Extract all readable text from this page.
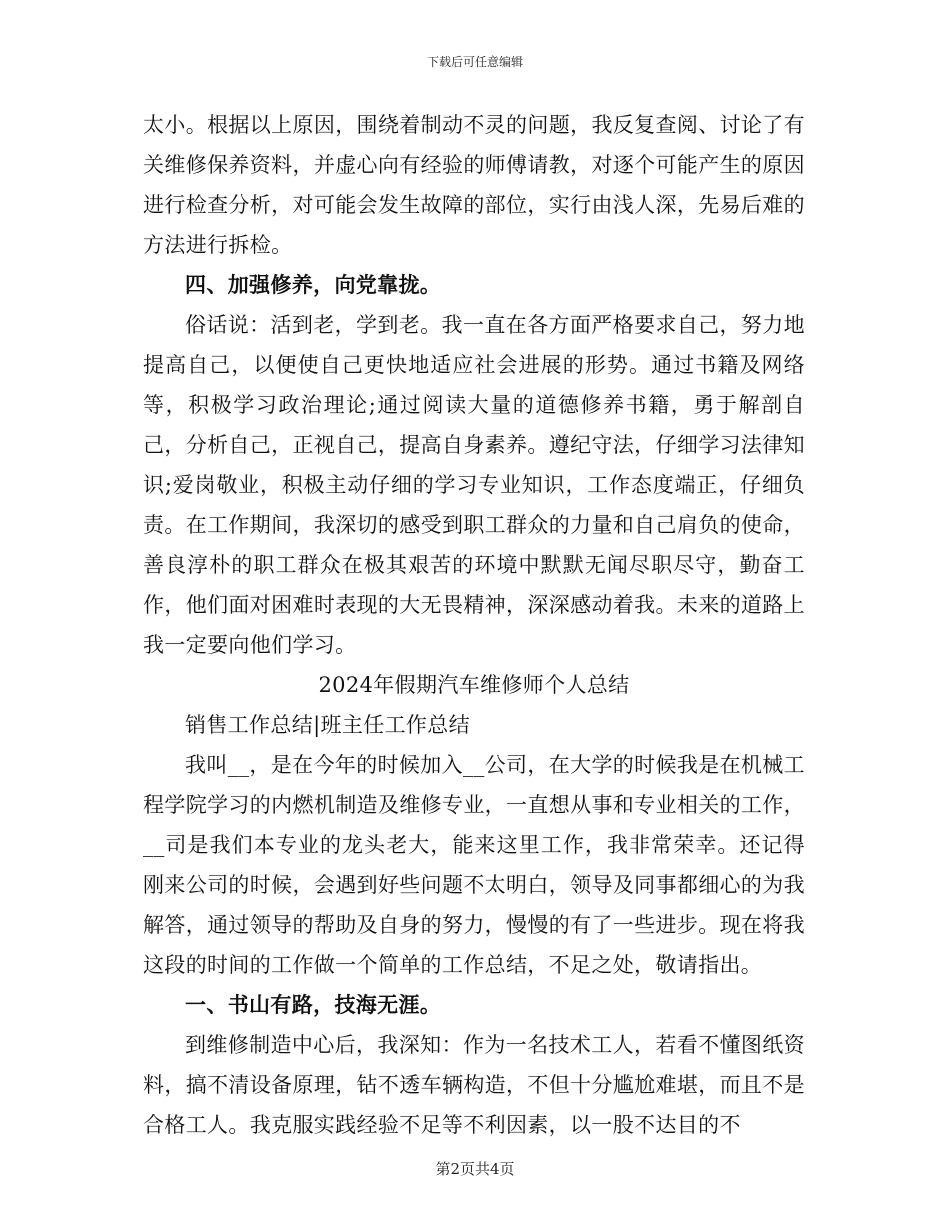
下载后可任意编辑

太小。根据以上原因，围绕着制动不灵的问题，我反复查阅、讨论了有关维修保养资料，并虚心向有经验的师傅请教，对逐个可能产生的原因进行检查分析，对可能会发生故障的部位，实行由浅人深，先易后难的方法进行拆检。

四、加强修养，向党靠拢。

俗话说：活到老，学到老。我一直在各方面严格要求自己，努力地提高自己，以便使自己更快地适应社会进展的形势。通过书籍及网络等，积极学习政治理论;通过阅读大量的道德修养书籍，勇于解剖自己，分析自己，正视自己，提高自身素养。遵纪守法，仔细学习法律知识;爱岗敬业，积极主动仔细的学习专业知识，工作态度端正，仔细负责。在工作期间，我深切的感受到职工群众的力量和自己肩负的使命，善良淳朴的职工群众在极其艰苦的环境中默默无闻尽职尽守，勤奋工作，他们面对困难时表现的大无畏精神，深深感动着我。未来的道路上我一定要向他们学习。

2024年假期汽车维修师个人总结

销售工作总结|班主任工作总结

我叫__，是在今年的时候加入__公司，在大学的时候我是在机械工程学院学习的内燃机制造及维修专业，一直想从事和专业相关的工作，__司是我们本专业的龙头老大，能来这里工作，我非常荣幸。还记得刚来公司的时候，会遇到好些问题不太明白，领导及同事都细心的为我解答，通过领导的帮助及自身的努力，慢慢的有了一些进步。现在将我这段的时间的工作做一个简单的工作总结，不足之处，敬请指出。

一、书山有路，技海无涯。

到维修制造中心后，我深知：作为一名技术工人，若看不懂图纸资料，搞不清设备原理，钻不透车辆构造，不但十分尴尬难堪，而且不是合格工人。我克服实践经验不足等不利因素，以一股不达目的不

第2页共4页
